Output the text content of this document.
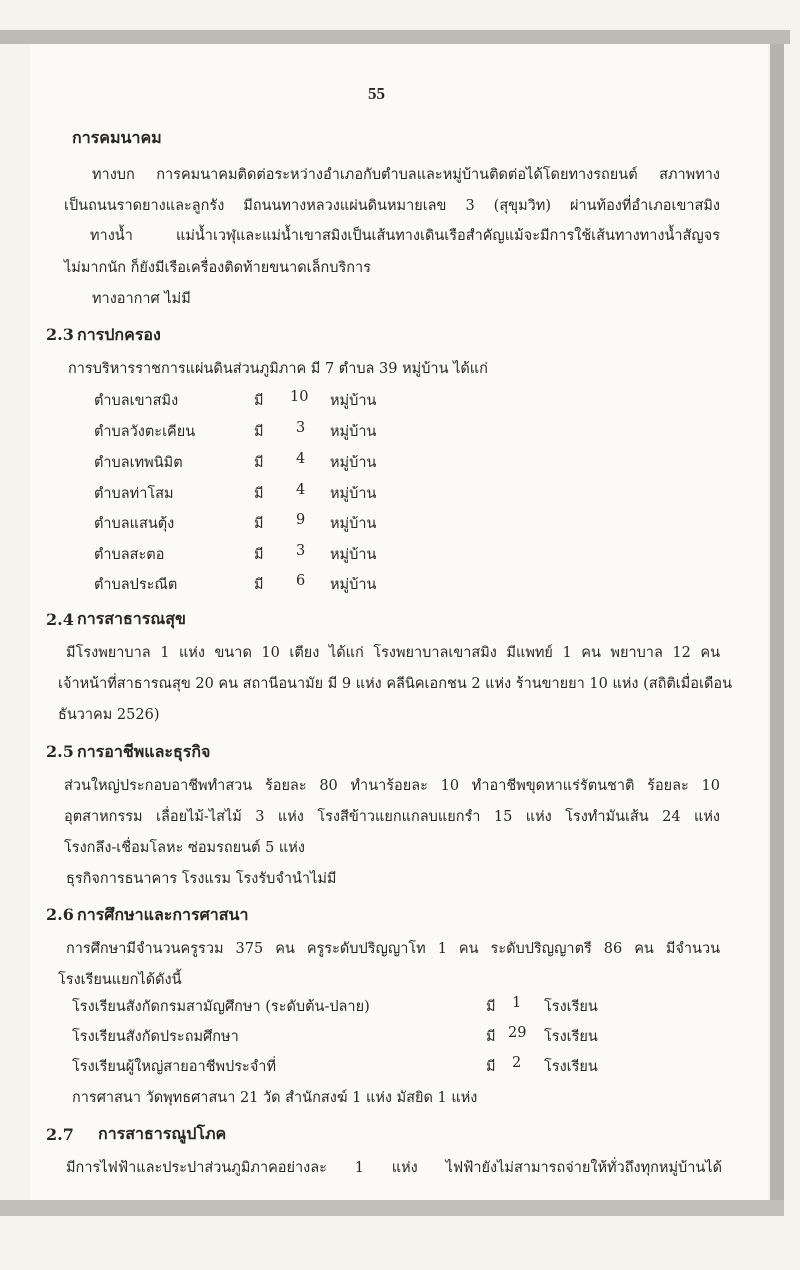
55
การคมนาคม
ทางบก การคมนาคมติดต่อระหว่างอำเภอกับตำบลและหมู่บ้านติดต่อได้โดยทางรถยนต์ สภาพทาง
เป็นถนนราดยางและลูกรัง มีถนนทางหลวงแผ่นดินหมายเลข 3 (สุขุมวิท) ผ่านท้องที่อำเภอเขาสมิง
ทางน้ำ แม่น้ำเวฬุและแม่น้ำเขาสมิงเป็นเส้นทางเดินเรือสำคัญแม้จะมีการใช้เส้นทางทางน้ำสัญจร
ไม่มากนัก ก็ยังมีเรือเครื่องติดท้ายขนาดเล็กบริการ
ทางอากาศ ไม่มี
2.3 การปกครอง
การบริหารราชการแผ่นดินส่วนภูมิภาค มี 7 ตำบล 39 หมู่บ้าน ได้แก่
ตำบลเขาสมิง	มี 10 หมู่บ้าน
ตำบลวังตะเคียน	มี 3 หมู่บ้าน
ตำบลเทพนิมิต	มี 4 หมู่บ้าน
ตำบลท่าโสม	มี 4 หมู่บ้าน
ตำบลแสนตุ้ง	มี 9 หมู่บ้าน
ตำบลสะตอ	มี 3 หมู่บ้าน
ตำบลประณีต	มี 6 หมู่บ้าน
2.4 การสาธารณสุข
มีโรงพยาบาล 1 แห่ง ขนาด 10 เตียง ได้แก่ โรงพยาบาลเขาสมิง มีแพทย์ 1 คน พยาบาล 12 คน
เจ้าหน้าที่สาธารณสุข 20 คน สถานีอนามัย มี 9 แห่ง คลีนิคเอกชน 2 แห่ง ร้านขายยา 10 แห่ง (สถิติเมื่อเดือน
ธันวาคม 2526)
2.5 การอาชีพและธุรกิจ
ส่วนใหญ่ประกอบอาชีพทำสวน ร้อยละ 80 ทำนาร้อยละ 10 ทำอาชีพขุดหาแร่รัตนชาติ ร้อยละ 10
อุตสาหกรรม เลื่อยไม้-ไสไม้ 3 แห่ง โรงสีข้าวแยกแกลบแยกรำ 15 แห่ง โรงทำมันเส้น 24 แห่ง
โรงกลึง-เชื่อมโลหะ ซ่อมรถยนต์ 5 แห่ง
ธุรกิจการธนาคาร โรงแรม โรงรับจำนำไม่มี
2.6 การศึกษาและการศาสนา
การศึกษามีจำนวนครูรวม 375 คน ครูระดับปริญญาโท 1 คน ระดับปริญญาตรี 86 คน มีจำนวน
โรงเรียนแยกได้ดังนี้
โรงเรียนสังกัดกรมสามัญศึกษา (ระดับต้น-ปลาย)	มี 1 โรงเรียน
โรงเรียนสังกัดประถมศึกษา	มี 29 โรงเรียน
โรงเรียนผู้ใหญ่สายอาชีพประจำที่	มี 2 โรงเรียน
การศาสนา วัดพุทธศาสนา 21 วัด สำนักสงฆ์ 1 แห่ง มัสยิด 1 แห่ง
2.7 การสาธารณูปโภค
มีการไฟฟ้าและประปาส่วนภูมิภาคอย่างละ 1 แห่ง ไฟฟ้ายังไม่สามารถจ่ายให้ทั่วถึงทุกหมู่บ้านได้
